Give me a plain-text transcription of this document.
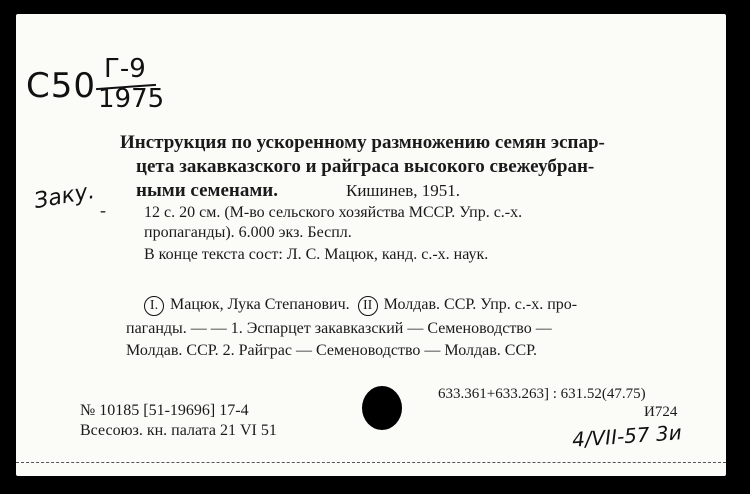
С50 Г-9
1975
Заку. -
Инструкция по ускоренному размножению семян эспар-
цета закавказского и райграса высокого свежеубран-
ными семенами.	Кишинев, 1951.
12 с. 20 см. (М-во сельского хозяйства МССР. Упр. с.-х.
пропаганды). 6.000 экз. Беспл.
В конце текста сост: Л. С. Мацюк, канд. с.-х. наук.
I. Мацюк, Лука Степанович. II Молдав. ССР. Упр. с.-х. про-
паганды. — — 1. Эспарцет закавказский — Семеноводство —
Молдав. ССР. 2. Райграс — Семеноводство — Молдав. ССР.
№ 10185 [51-19696] 17-4
Всесоюз. кн. палата 21 VI 51
633.361+633.263] : 631.52(47.75)
И724
4/VII-57 3и
